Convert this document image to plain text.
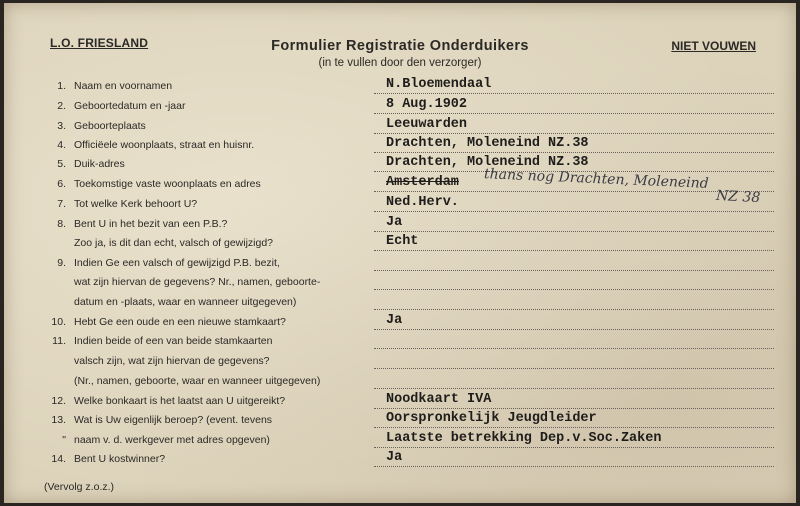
L.O. FRIESLAND	Formulier Registratie Onderduikers
(in te vullen door den verzorger)
NIET VOUWEN
1. Naam en voornamen	N.Bloemendaal
2. Geboortedatum en -jaar	8 Aug.1902
3. Geboorteplaats	Leeuwarden
4. Officiëele woonplaats, straat en huisnr.	Drachten, Moleneind NZ.38
5. Duik-adres	Drachten, Moleneind NZ.38
6. Toekomstige vaste woonplaats en adres	Amsterdam
7. Tot welke Kerk behoort U?	Ned.Herv.
8. Bent U in het bezit van een P.B.?	Ja
Zoo ja, is dit dan echt, valsch of gewijzigd?	Echt
9. Indien Ge een valsch of gewijzigd P.B. bezit,
wat zijn hiervan de gegevens? Nr., namen, geboorte-
datum en -plaats, waar en wanneer uitgegeven)
10. Hebt Ge een oude en een nieuwe stamkaart?	Ja
11. Indien beide of een van beide stamkaarten
valsch zijn, wat zijn hiervan de gegevens?
(Nr., namen, geboorte, waar en wanneer uitgegeven)
12. Welke bonkaart is het laatst aan U uitgereikt?	Noodkaart IVA
13. Wat is Uw eigenlijk beroep? (event. tevens	Oorspronkelijk Jeugdleider
" naam v. d. werkgever met adres opgeven)	Laatste betrekking Dep.v.Soc.Zaken
14. Bent U kostwinner?	Ja
thans nog Drachten, Moleneind
NZ 38
(Vervolg z.o.z.)
